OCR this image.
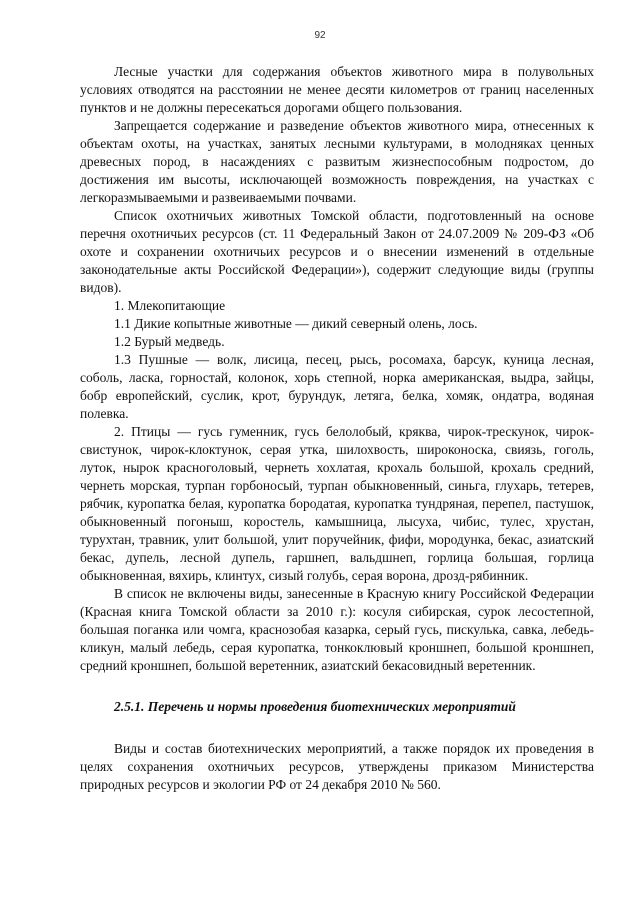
92

Лесные участки для содержания объектов животного мира в полувольных условиях отводятся на расстоянии не менее десяти километров от границ населенных пунктов и не должны пересекаться дорогами общего пользования.

Запрещается содержание и разведение объектов животного мира, отнесенных к объектам охоты, на участках, занятых лесными культурами, в молодняках ценных древесных пород, в насаждениях с развитым жизнеспособным подростом, до достижения им высоты, исключающей возможность повреждения, на участках с легкоразмываемыми и развеиваемыми почвами.

Список охотничьих животных Томской области, подготовленный на основе перечня охотничьих ресурсов (ст. 11 Федеральный Закон от 24.07.2009 № 209-ФЗ «Об охоте и сохранении охотничьих ресурсов и о внесении изменений в отдельные законодательные акты Российской Федерации»), содержит следующие виды (группы видов).

1. Млекопитающие

1.1 Дикие копытные животные — дикий северный олень, лось.

1.2 Бурый медведь.

1.3 Пушные — волк, лисица, песец, рысь, росомаха, барсук, куница лесная, соболь, ласка, горностай, колонок, хорь степной, норка американская, выдра, зайцы, бобр европейский, суслик, крот, бурундук, летяга, белка, хомяк, ондатра, водяная полевка.

2. Птицы — гусь гуменник, гусь белолобый, кряква, чирок-трескунок, чирок-свистунок, чирок-клоктунок, серая утка, шилохвость, широконоска, свиязь, гоголь, луток, нырок красноголовый, чернеть хохлатая, крохаль большой, крохаль средний, чернеть морская, турпан горбоносый, турпан обыкновенный, синьга, глухарь, тетерев, рябчик, куропатка белая, куропатка бородатая, куропатка тундряная, перепел, пастушок, обыкновенный погоныш, коростель, камышница, лысуха, чибис, тулес, хрустан, турухтан, травник, улит большой, улит поручейник, фифи, мородунка, бекас, азиатский бекас, дупель, лесной дупель, гаршнеп, вальдшнеп, горлица большая, горлица обыкновенная, вяхирь, клинтух, сизый голубь, серая ворона, дрозд-рябинник.

В список не включены виды, занесенные в Красную книгу Российской Федерации (Красная книга Томской области за 2010 г.): косуля сибирская, сурок лесостепной, большая поганка или чомга, краснозобая казарка, серый гусь, пискулька, савка, лебедь-кликун, малый лебедь, серая куропатка, тонкоклювый кроншнеп, большой кроншнеп, средний кроншнеп, большой веретенник, азиатский бекасовидный веретенник.

2.5.1. Перечень и нормы проведения биотехнических мероприятий

Виды и состав биотехнических мероприятий, а также порядок их проведения в целях сохранения охотничьих ресурсов, утверждены приказом Министерства природных ресурсов и экологии РФ от 24 декабря 2010 № 560.
